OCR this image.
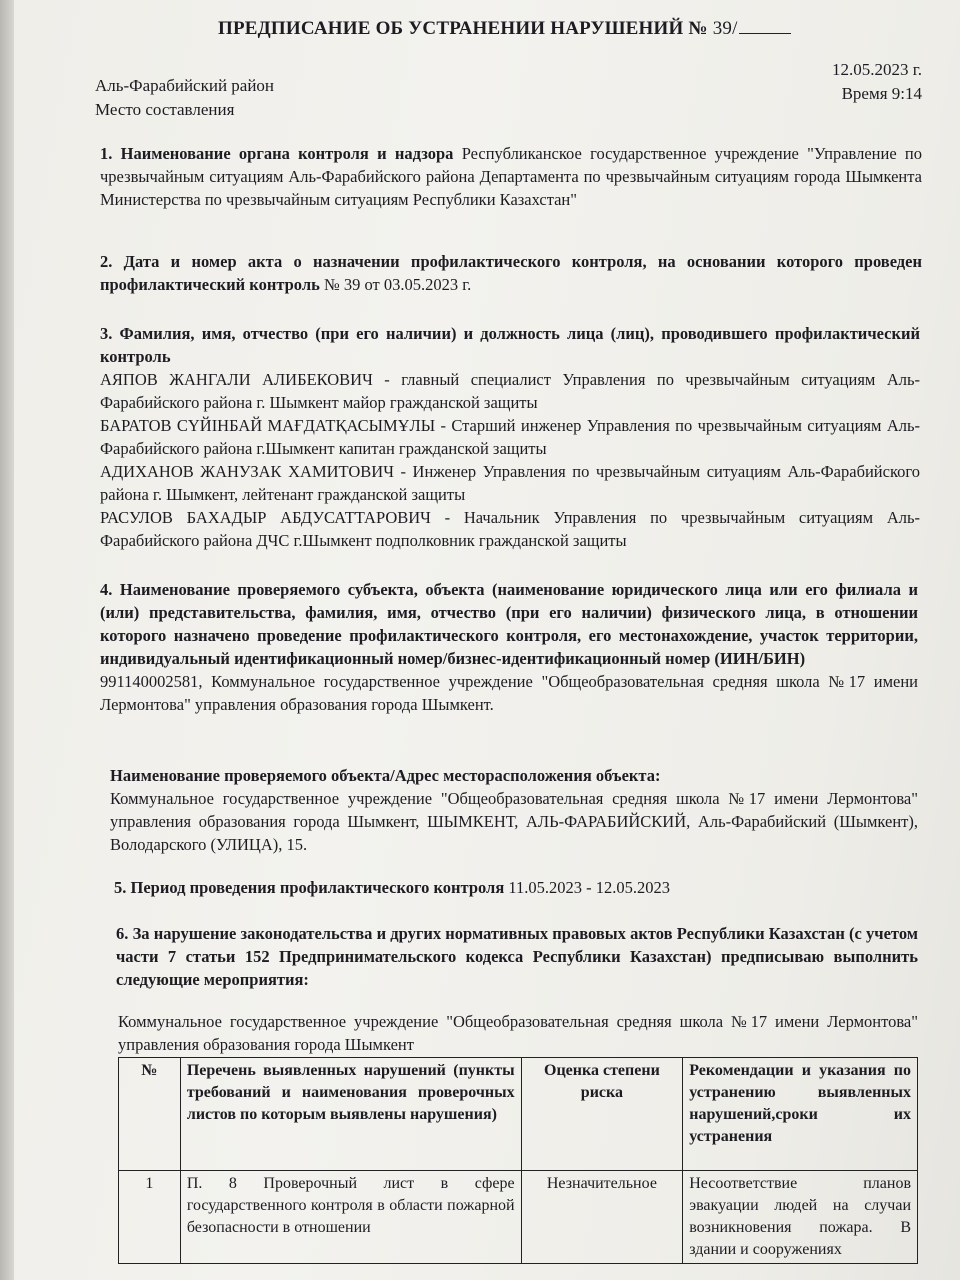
ПРЕДПИСАНИЕ ОБ УСТРАНЕНИИ НАРУШЕНИЙ № 39/
Аль-Фарабийский район
Место составления
12.05.2023 г.
Время 9:14
1. Наименование органа контроля и надзора Республиканское государственное учреждение "Управление по чрезвычайным ситуациям Аль-Фарабийского района Департамента по чрезвычайным ситуациям города Шымкента Министерства по чрезвычайным ситуациям Республики Казахстан"
2. Дата и номер акта о назначении профилактического контроля, на основании которого проведен профилактический контроль № 39 от 03.05.2023 г.
3. Фамилия, имя, отчество (при его наличии) и должность лица (лиц), проводившего профилактический контроль
АЯПОВ ЖАНГАЛИ АЛИБЕКОВИЧ - главный специалист Управления по чрезвычайным ситуациям Аль-Фарабийского района г. Шымкент майор гражданской защиты
БАРАТОВ СҮЙІНБАЙ МАҒДАТҚАСЫМҰЛЫ - Старший инженер Управления по чрезвычайным ситуациям Аль-Фарабийского района г.Шымкент капитан гражданской защиты
АДИХАНОВ ЖАНУЗАК ХАМИТОВИЧ - Инженер Управления по чрезвычайным ситуациям Аль-Фарабийского района г. Шымкент, лейтенант гражданской защиты
РАСУЛОВ БАХАДЫР АБДУСАТТАРОВИЧ - Начальник Управления по чрезвычайным ситуациям Аль-Фарабийского района ДЧС г.Шымкент подполковник гражданской защиты
4. Наименование проверяемого субъекта, объекта (наименование юридического лица или его филиала и (или) представительства, фамилия, имя, отчество (при его наличии) физического лица, в отношении которого назначено проведение профилактического контроля, его местонахождение, участок территории, индивидуальный идентификационный номер/бизнес-идентификационный номер (ИИН/БИН)
991140002581, Коммунальное государственное учреждение "Общеобразовательная средняя школа №17 имени Лермонтова" управления образования города Шымкент.
Наименование проверяемого объекта/Адрес месторасположения объекта:
Коммунальное государственное учреждение "Общеобразовательная средняя школа №17 имени Лермонтова" управления образования города Шымкент, ШЫМКЕНТ, АЛЬ-ФАРАБИЙСКИЙ, Аль-Фарабийский (Шымкент), Володарского (УЛИЦА), 15.
5. Период проведения профилактического контроля 11.05.2023 - 12.05.2023
6. За нарушение законодательства и других нормативных правовых актов Республики Казахстан (с учетом части 7 статьи 152 Предпринимательского кодекса Республики Казахстан) предписываю выполнить следующие мероприятия:
Коммунальное государственное учреждение "Общеобразовательная средняя школа №17 имени Лермонтова" управления образования города Шымкент
№	Перечень выявленных нарушений (пункты требований и наименования проверочных листов по которым выявлены нарушения)	Оценка степени риска	Рекомендации и указания по устранению выявленных нарушений,сроки их устранения
1	П. 8 Проверочный лист в сфере государственного контроля в области пожарной безопасности в отношении	Незначительное	Несоответствие планов эвакуации людей на случаи возникновения пожара. В здании и сооружениях
